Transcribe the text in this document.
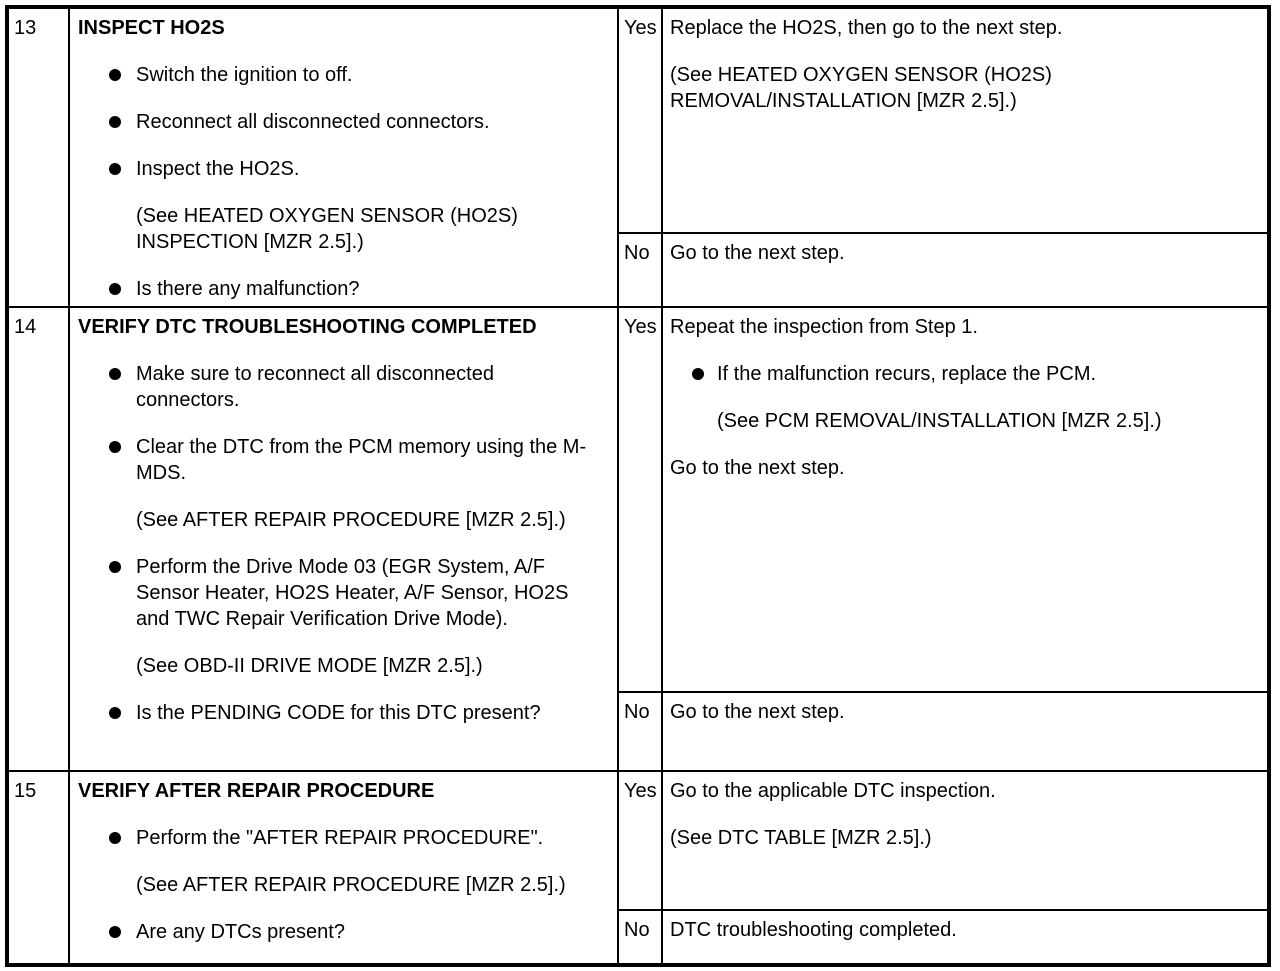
13	INSPECT HO2S
Switch the ignition to off.
Reconnect all disconnected connectors.
Inspect the HO2S.
(See HEATED OXYGEN SENSOR (HO2S) INSPECTION [MZR 2.5].)
Is there any malfunction?

Yes	Replace the HO2S, then go to the next step.
(See HEATED OXYGEN SENSOR (HO2S) REMOVAL/INSTALLATION [MZR 2.5].)

		No	Go to the next step.

14	VERIFY DTC TROUBLESHOOTING COMPLETED
Make sure to reconnect all disconnected connectors.
Clear the DTC from the PCM memory using the M-MDS.
(See AFTER REPAIR PROCEDURE [MZR 2.5].)
Perform the Drive Mode 03 (EGR System, A/F Sensor Heater, HO2S Heater, A/F Sensor, HO2S and TWC Repair Verification Drive Mode).
(See OBD-II DRIVE MODE [MZR 2.5].)
Is the PENDING CODE for this DTC present?

Yes	Repeat the inspection from Step 1.
If the malfunction recurs, replace the PCM.
(See PCM REMOVAL/INSTALLATION [MZR 2.5].)
Go to the next step.

		No	Go to the next step.

15	VERIFY AFTER REPAIR PROCEDURE
Perform the "AFTER REPAIR PROCEDURE".
(See AFTER REPAIR PROCEDURE [MZR 2.5].)
Are any DTCs present?

Yes	Go to the applicable DTC inspection.
(See DTC TABLE [MZR 2.5].)

		No	DTC troubleshooting completed.
